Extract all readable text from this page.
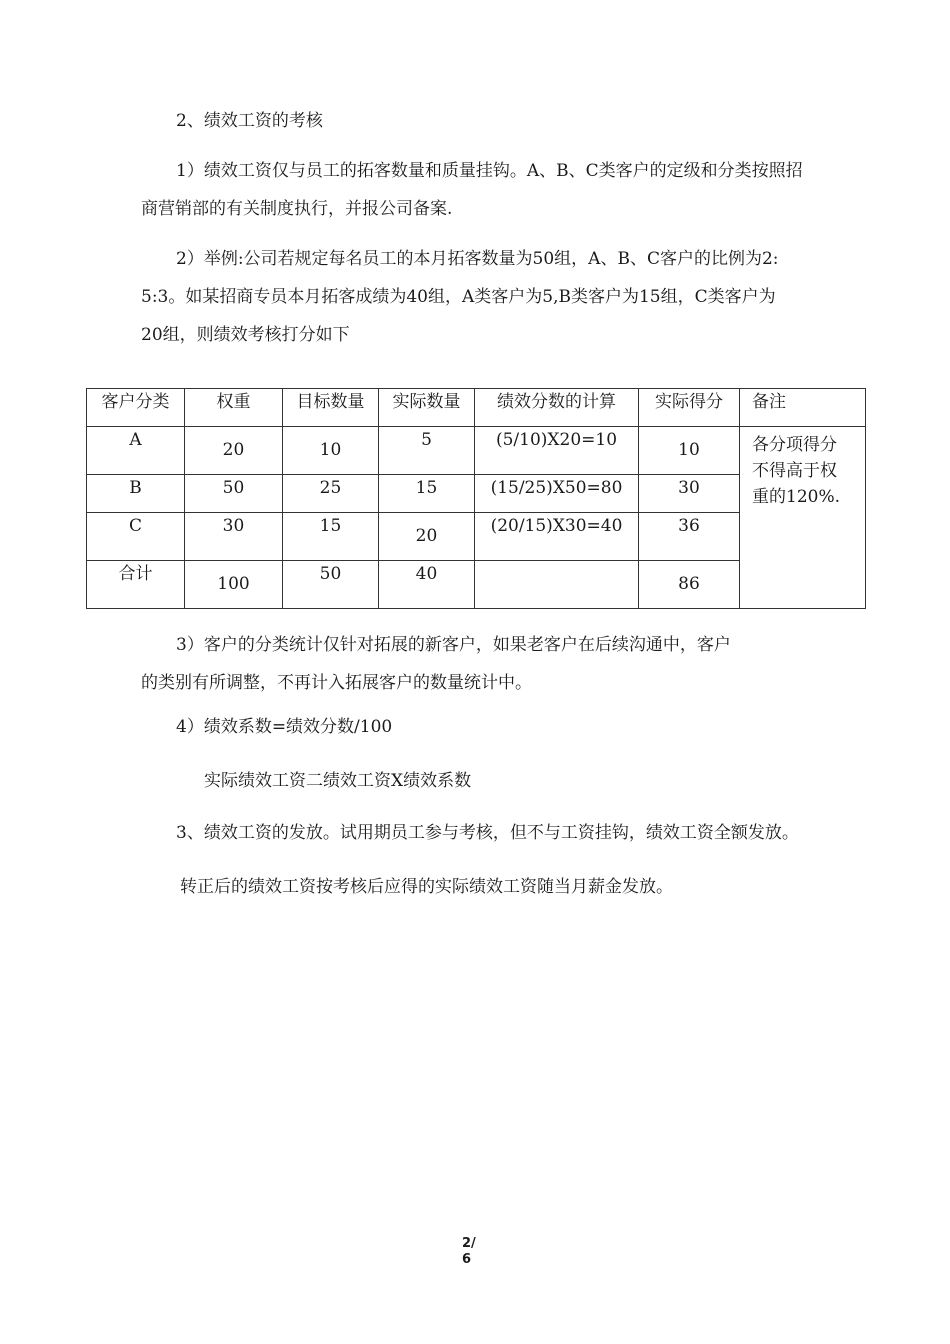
2、绩效工资的考核
1）绩效工资仅与员工的拓客数量和质量挂钩。A、B、C类客户的定级和分类按照招
商营销部的有关制度执行，并报公司备案.
2）举例:公司若规定每名员工的本月拓客数量为50组，A、B、C客户的比例为2:
5:3。如某招商专员本月拓客成绩为40组，A类客户为5,B类客户为15组，C类客户为
20组，则绩效考核打分如下
客户分类	权重	目标数量	实际数量	绩效分数的计算	实际得分	备注
A	20	10	5	(5/10)X20=10	10	各分项得分
不得高于权
重的120%.

B	50	25	15	(15/25)X50=80	30	
C	30	15	20	(20/15)X30=40	36	
合计	100	50	40		86	
3）客户的分类统计仅针对拓展的新客户，如果老客户在后续沟通中，客户
的类别有所调整，不再计入拓展客户的数量统计中。
4）绩效系数=绩效分数/100
实际绩效工资二绩效工资X绩效系数
3、绩效工资的发放。试用期员工参与考核，但不与工资挂钩，绩效工资全额发放。
转正后的绩效工资按考核后应得的实际绩效工资随当月薪金发放。
2/
6
